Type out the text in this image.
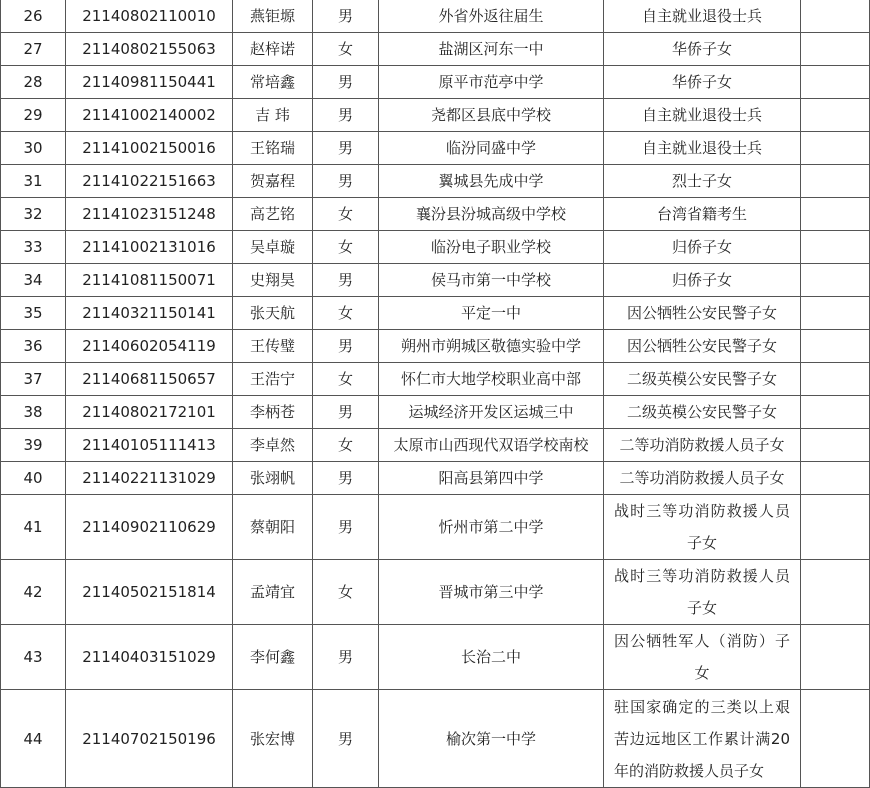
26	21140802110010	燕钜塬	男	外省外返往届生	自主就业退役士兵	
27	21140802155063	赵梓诺	女	盐湖区河东一中	华侨子女	
28	21140981150441	常培鑫	男	原平市范亭中学	华侨子女	
29	21141002140002	吉 玮	男	尧都区县底中学校	自主就业退役士兵	
30	21141002150016	王铭瑞	男	临汾同盛中学	自主就业退役士兵	
31	21141022151663	贺嘉程	男	翼城县先成中学	烈士子女	
32	21141023151248	高艺铭	女	襄汾县汾城高级中学校	台湾省籍考生	
33	21141002131016	吴卓璇	女	临汾电子职业学校	归侨子女	
34	21141081150071	史翔昊	男	侯马市第一中学校	归侨子女	
35	21140321150141	张天航	女	平定一中	因公牺牲公安民警子女	
36	21140602054119	王传璧	男	朔州市朔城区敬德实验中学	因公牺牲公安民警子女	
37	21140681150657	王浩宁	女	怀仁市大地学校职业高中部	二级英模公安民警子女	
38	21140802172101	李柄苍	男	运城经济开发区运城三中	二级英模公安民警子女	
39	21140105111413	李卓然	女	太原市山西现代双语学校南校	二等功消防救援人员子女	
40	21140221131029	张翊帆	男	阳高县第四中学	二等功消防救援人员子女	
41	21140902110629	蔡朝阳	男	忻州市第二中学	战时三等功消防救援人员子女	
42	21140502151814	孟靖宜	女	晋城市第三中学	战时三等功消防救援人员子女	
43	21140403151029	李何鑫	男	长治二中	因公牺牲军人（消防）子女	
44	21140702150196	张宏博	男	榆次第一中学	驻国家确定的三类以上艰苦边远地区工作累计满20年的消防救援人员子女	
